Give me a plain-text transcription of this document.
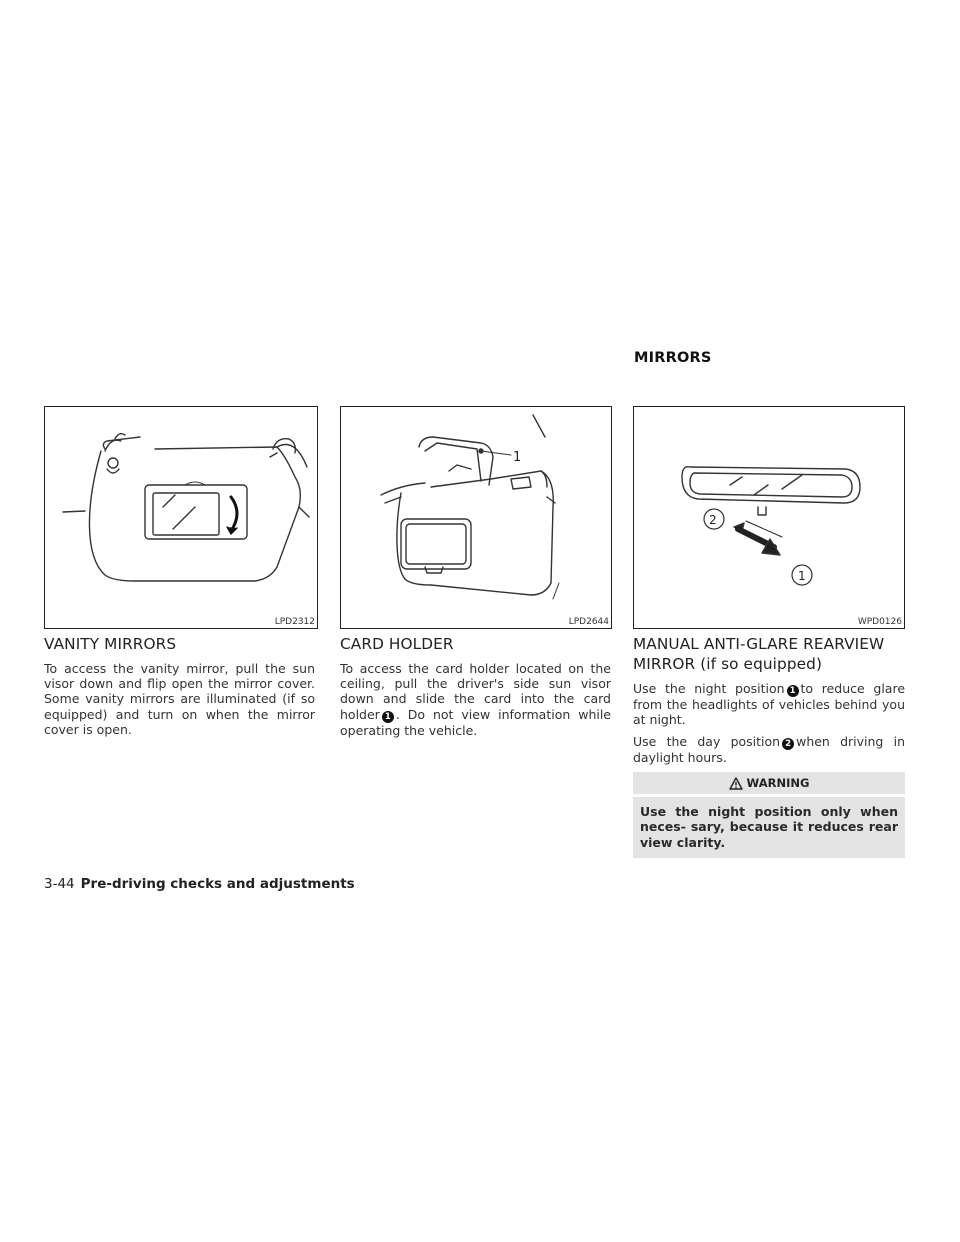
MIRRORS
LPD2312
1
LPD2644
2
1
WPD0126
VANITY MIRRORS

To access the vanity mirror, pull the sun visor down and flip open the mirror cover. Some vanity mirrors are illuminated (if so equipped) and turn on when the mirror cover is open.

CARD HOLDER

To access the card holder located on the ceiling, pull the driver's side sun visor down and slide the card into the card holder 1 . Do not view information while operating the vehicle.

MANUAL ANTI-GLARE REARVIEW
MIRROR (if so equipped)

Use the night position 1 to reduce glare from the headlights of vehicles behind you at night.

Use the day position 2 when driving in daylight hours.

WARNING
Use the night position only when neces- sary, because it reduces rear view clarity.
3-44 Pre-driving checks and adjustments
